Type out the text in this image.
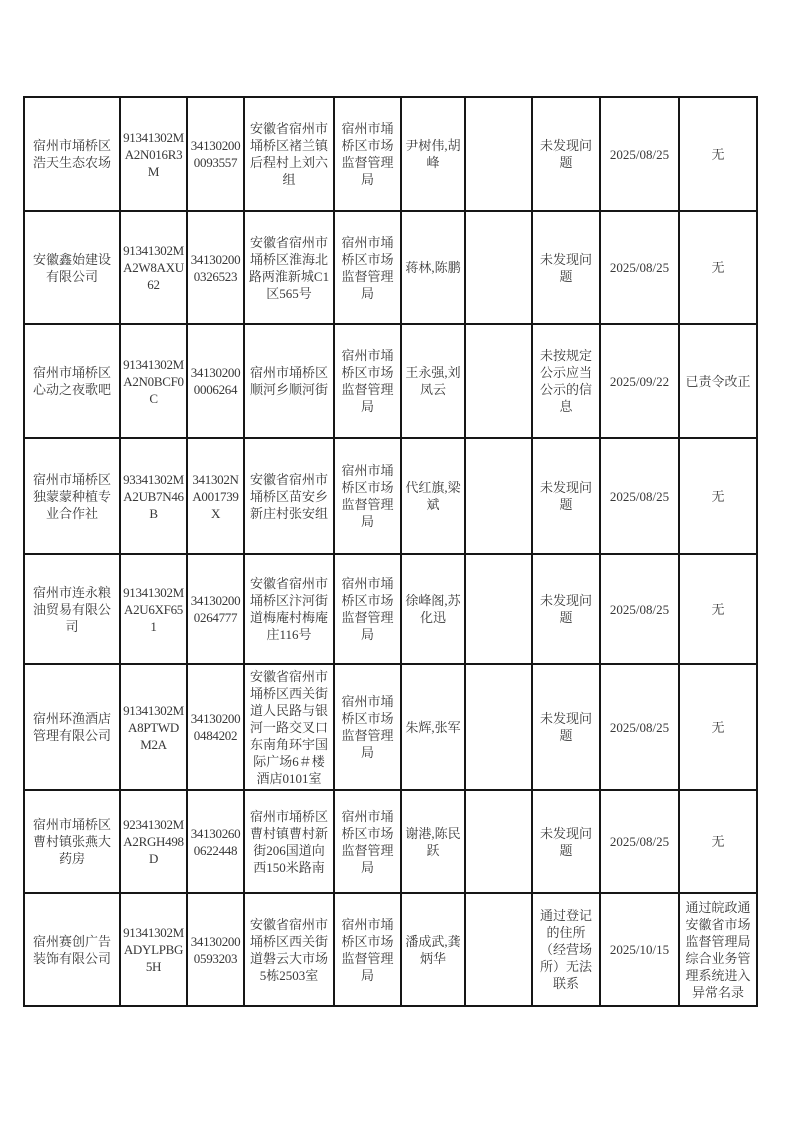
宿州市埇桥区浩天生态农场	91341302MA2N016R3M	341302000093557	安徽省宿州市埇桥区褚兰镇后程村上刘六组	宿州市埇桥区市场监督管理局	尹树伟,胡峰		未发现问题	2025/08/25	无
安徽鑫始建设有限公司	91341302MA2W8AXU62	341302000326523	安徽省宿州市埇桥区淮海北路两淮新城C1区565号	宿州市埇桥区市场监督管理局	蒋林,陈鹏		未发现问题	2025/08/25	无
宿州市埇桥区心动之夜歌吧	91341302MA2N0BCF0C	341302000006264	宿州市埇桥区顺河乡顺河街	宿州市埇桥区市场监督管理局	王永强,刘凤云		未按规定公示应当公示的信息	2025/09/22	已责令改正
宿州市埇桥区独蒙蒙种植专业合作社	93341302MA2UB7N46B	341302NA001739X	安徽省宿州市埇桥区苗安乡新庄村张安组	宿州市埇桥区市场监督管理局	代红旗,梁斌		未发现问题	2025/08/25	无
宿州市连永粮油贸易有限公司	91341302MA2U6XF651	341302000264777	安徽省宿州市埇桥区汴河街道梅庵村梅庵庄116号	宿州市埇桥区市场监督管理局	徐峰阁,苏化迅		未发现问题	2025/08/25	无
宿州环渔酒店管理有限公司	91341302MA8PTWDM2A	341302000484202	安徽省宿州市埇桥区西关街道人民路与银河一路交叉口东南角环宇国际广场6＃楼酒店0101室	宿州市埇桥区市场监督管理局	朱辉,张军		未发现问题	2025/08/25	无
宿州市埇桥区曹村镇张燕大药房	92341302MA2RGH498D	341302600622448	宿州市埇桥区曹村镇曹村新街206国道向西150米路南	宿州市埇桥区市场监督管理局	谢港,陈民跃		未发现问题	2025/08/25	无
宿州赛创广告装饰有限公司	91341302MADYLPBG5H	341302000593203	安徽省宿州市埇桥区西关街道磐云大市场5栋2503室	宿州市埇桥区市场监督管理局	潘成武,龚炳华		通过登记的住所（经营场所）无法联系	2025/10/15	通过皖政通安徽省市场监督管理局综合业务管理系统进入异常名录
